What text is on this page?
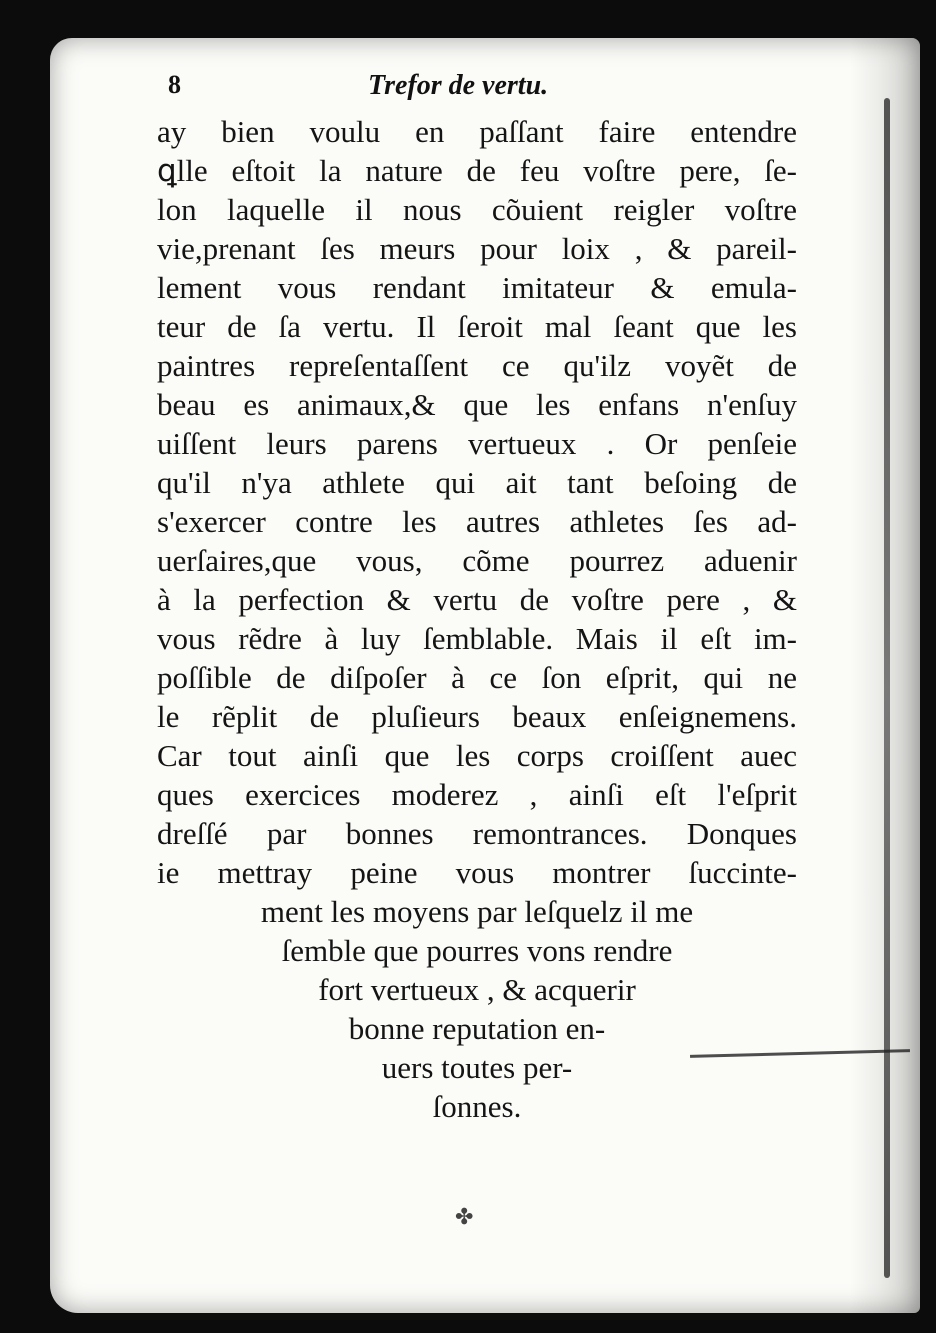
8	Trefor de vertu.
ay bien voulu en paſſant faire entendre
ꝗlle eſtoit la nature de feu voſtre pere, ſe-
lon laquelle il nous cõuient reigler voſtre
vie,prenant ſes meurs pour loix , & pareil-
lement vous rendant imitateur & emula-
teur de ſa vertu. Il ſeroit mal ſeant que les
paintres repreſentaſſent ce qu'ilz voyẽt de
beau es animaux,& que les enfans n'enſuy
uiſſent leurs parens vertueux . Or penſeie
qu'il n'ya athlete qui ait tant beſoing de
s'exercer contre les autres athletes ſes ad-
uerſaires,que vous, cõme pourrez aduenir
à la perfection & vertu de voſtre pere , &
vous rẽdre à luy ſemblable. Mais il eſt im-
poſſible de diſpoſer à ce ſon eſprit, qui ne
le rẽplit de pluſieurs beaux enſeignemens.
Car tout ainſi que les corps croiſſent auec
ques exercices moderez , ainſi eſt l'eſprit
dreſſé par bonnes remontrances. Donques
ie mettray peine vous montrer ſuccinte-
ment les moyens par leſquelz il me
ſemble que pourres vons rendre
fort vertueux , & acquerir
bonne reputation en-
uers toutes per-
ſonnes.
✤
